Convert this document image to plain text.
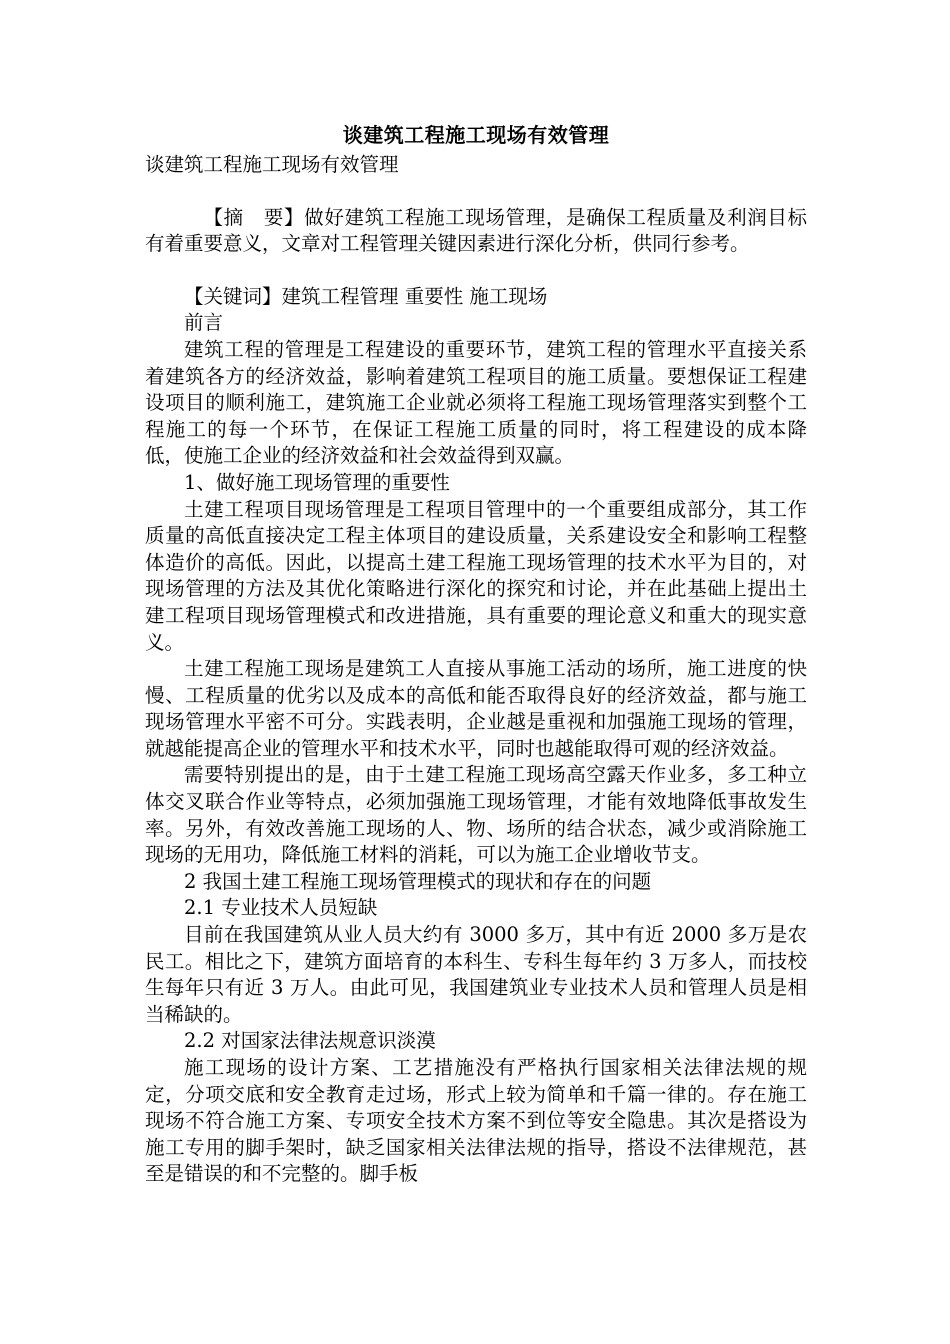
谈建筑工程施工现场有效管理

谈建筑工程施工现场有效管理

【摘　要】做好建筑工程施工现场管理，是确保工程质量及利润目标有着重要意义，文章对工程管理关键因素进行深化分析，供同行参考。

【关键词】建筑工程管理 重要性 施工现场

前言

建筑工程的管理是工程建设的重要环节，建筑工程的管理水平直接关系着建筑各方的经济效益，影响着建筑工程项目的施工质量。要想保证工程建设项目的顺利施工，建筑施工企业就必须将工程施工现场管理落实到整个工程施工的每一个环节，在保证工程施工质量的同时，将工程建设的成本降低，使施工企业的经济效益和社会效益得到双赢。

1、做好施工现场管理的重要性

土建工程项目现场管理是工程项目管理中的一个重要组成部分，其工作质量的高低直接决定工程主体项目的建设质量，关系建设安全和影响工程整体造价的高低。因此，以提高土建工程施工现场管理的技术水平为目的，对现场管理的方法及其优化策略进行深化的探究和讨论，并在此基础上提出土建工程项目现场管理模式和改进措施，具有重要的理论意义和重大的现实意义。

土建工程施工现场是建筑工人直接从事施工活动的场所，施工进度的快慢、工程质量的优劣以及成本的高低和能否取得良好的经济效益，都与施工现场管理水平密不可分。实践表明，企业越是重视和加强施工现场的管理，就越能提高企业的管理水平和技术水平，同时也越能取得可观的经济效益。

需要特别提出的是，由于土建工程施工现场高空露天作业多，多工种立体交叉联合作业等特点，必须加强施工现场管理，才能有效地降低事故发生率。另外，有效改善施工现场的人、物、场所的结合状态，减少或消除施工现场的无用功，降低施工材料的消耗，可以为施工企业增收节支。

2 我国土建工程施工现场管理模式的现状和存在的问题

2.1 专业技术人员短缺

目前在我国建筑从业人员大约有 3000 多万，其中有近 2000 多万是农民工。相比之下，建筑方面培育的本科生、专科生每年约 3 万多人，而技校生每年只有近 3 万人。由此可见，我国建筑业专业技术人员和管理人员是相当稀缺的。

2.2 对国家法律法规意识淡漠

施工现场的设计方案、工艺措施没有严格执行国家相关法律法规的规定，分项交底和安全教育走过场，形式上较为简单和千篇一律的。存在施工现场不符合施工方案、专项安全技术方案不到位等安全隐患。其次是搭设为施工专用的脚手架时，缺乏国家相关法律法规的指导，搭设不法律规范，甚至是错误的和不完整的。脚手板
